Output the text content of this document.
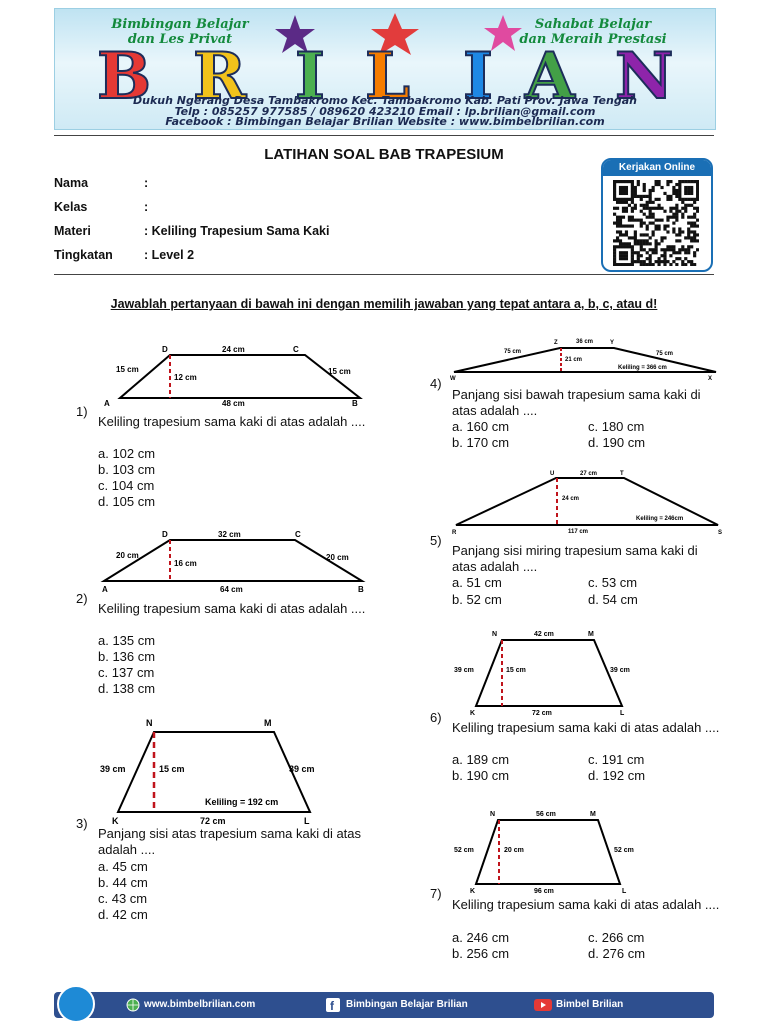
Bimbingan Belajar
dan Les Privat
Sahabat Belajar
dan Meraih Prestasi
B R I L I A N
Dukuh Ngerang Desa Tambakromo Kec. Tambakromo Kab. Pati Prov. Jawa Tengah
Telp : 085257 977585 / 089620 423210 Email : lp.brilian@gmail.com
Facebook : Bimbingan Belajar Brilian Website : www.bimbelbrilian.com
LATIHAN SOAL BAB TRAPESIUM
Nama	:
Kelas	:
Materi	: Keliling Trapesium Sama Kaki
Tingkatan : Level 2
Kerjakan Online
Jawablah pertanyaan di bawah ini dengan memilih jawaban yang tepat antara a, b, c, atau d!
D	C
A	B
24 cm
15 cm	15 cm
12 cm
48 cm
1)
Keliling trapesium sama kaki di atas adalah ....
a. 102 cm
b. 103 cm
c. 104 cm
d. 105 cm
D	C
A	B
32 cm
20 cm	20 cm
16 cm
64 cm
2)
Keliling trapesium sama kaki di atas adalah ....
a. 135 cm
b. 136 cm
c. 137 cm
d. 138 cm
N	M
K	L
39 cm	39 cm
15 cm
Keliling = 192 cm
72 cm
3)
Panjang sisi atas trapesium sama kaki di atas adalah ....
a. 45 cm
b. 44 cm
c. 43 cm
d. 42 cm
Z	Y
W	X
36 cm
75 cm	75 cm
21 cm
Keliling = 366 cm
4)
Panjang sisi bawah trapesium sama kaki di atas adalah ....
a. 160 cm
b. 170 cm
c. 180 cm
d. 190 cm
U	T
R	S
27 cm
24 cm
Keliling = 246cm
117 cm
5)
Panjang sisi miring trapesium sama kaki di atas adalah ....
a. 51 cm
b. 52 cm
c. 53 cm
d. 54 cm
N	M
K	L
42 cm
39 cm	39 cm
15 cm
72 cm
6)
Keliling trapesium sama kaki di atas adalah ....
a. 189 cm
b. 190 cm
c. 191 cm
d. 192 cm
N	M
K	L
56 cm
52 cm	52 cm
20 cm
96 cm
7)
Keliling trapesium sama kaki di atas adalah ....
a. 246 cm
b. 256 cm
c. 266 cm
d. 276 cm
www.bimbelbrilian.com	f Bimbingan Belajar Brilian	Bimbel Brilian
